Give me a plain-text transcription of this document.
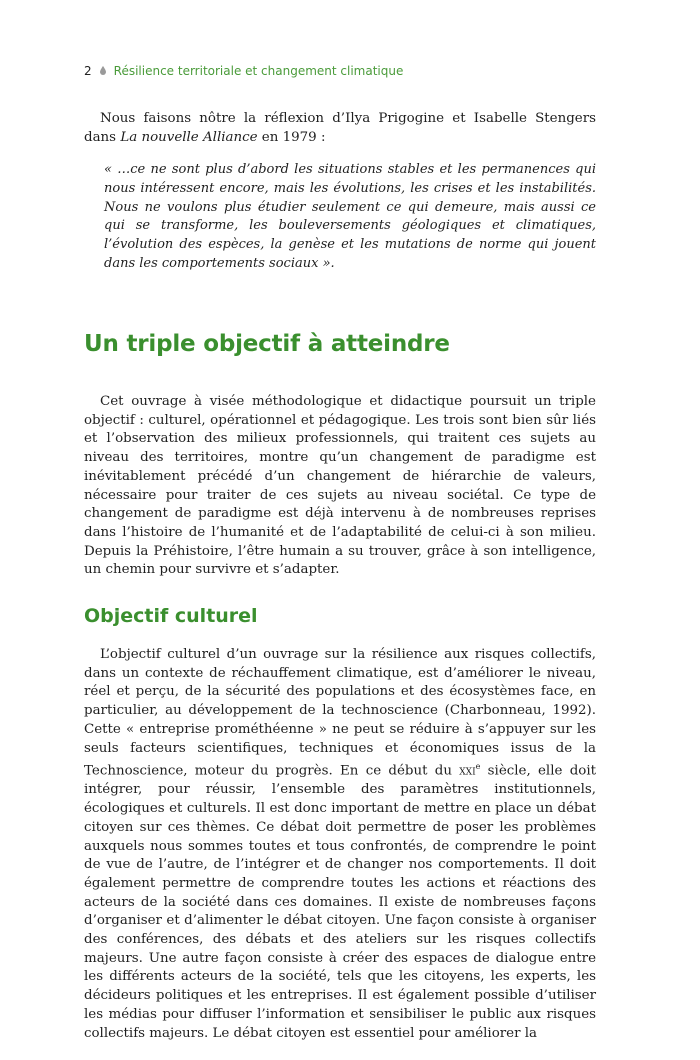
2 Résilience territoriale et changement climatique

Nous faisons nôtre la réflexion d’Ilya Prigogine et Isabelle Stengers dans La nouvelle Alliance en 1979 :

« …ce ne sont plus d’abord les situations stables et les permanences qui nous intéressent encore, mais les évolutions, les crises et les instabilités. Nous ne voulons plus étudier seulement ce qui demeure, mais aussi ce qui se transforme, les bouleversements géologiques et climatiques, l’évolution des espèces, la genèse et les mutations de norme qui jouent dans les comportements sociaux ».

Un triple objectif à atteindre

Cet ouvrage à visée méthodologique et didactique poursuit un triple objectif : culturel, opérationnel et pédagogique. Les trois sont bien sûr liés et l’observation des milieux professionnels, qui traitent ces sujets au niveau des territoires, montre qu’un changement de paradigme est inévitablement précédé d’un changement de hiérarchie de valeurs, nécessaire pour traiter de ces sujets au niveau sociétal. Ce type de changement de paradigme est déjà intervenu à de nombreuses reprises dans l’histoire de l’humanité et de l’adaptabilité de celui-ci à son milieu. Depuis la Préhistoire, l’être humain a su trouver, grâce à son intelligence, un chemin pour survivre et s’adapter.

Objectif culturel

L’objectif culturel d’un ouvrage sur la résilience aux risques collectifs, dans un contexte de réchauffement climatique, est d’améliorer le niveau, réel et perçu, de la sécurité des populations et des écosystèmes face, en particulier, au développement de la technoscience (Charbonneau, 1992). Cette « entreprise prométhéenne » ne peut se réduire à s’appuyer sur les seuls facteurs scientifiques, techniques et économiques issus de la Technoscience, moteur du progrès. En ce début du xxi$^e$ siècle, elle doit intégrer, pour réussir, l’ensemble des paramètres institutionnels, écologiques et culturels. Il est donc important de mettre en place un débat citoyen sur ces thèmes. Ce débat doit permettre de poser les problèmes auxquels nous sommes toutes et tous confrontés, de comprendre le point de vue de l’autre, de l’intégrer et de changer nos comportements. Il doit également permettre de comprendre toutes les actions et réactions des acteurs de la société dans ces domaines. Il existe de nombreuses façons d’organiser et d’alimenter le débat citoyen. Une façon consiste à organiser des conférences, des débats et des ateliers sur les risques collectifs majeurs. Une autre façon consiste à créer des espaces de dialogue entre les différents acteurs de la société, tels que les citoyens, les experts, les décideurs politiques et les entreprises. Il est également possible d’utiliser les médias pour diffuser l’information et sensibiliser le public aux risques collectifs majeurs. Le débat citoyen est essentiel pour améliorer la
